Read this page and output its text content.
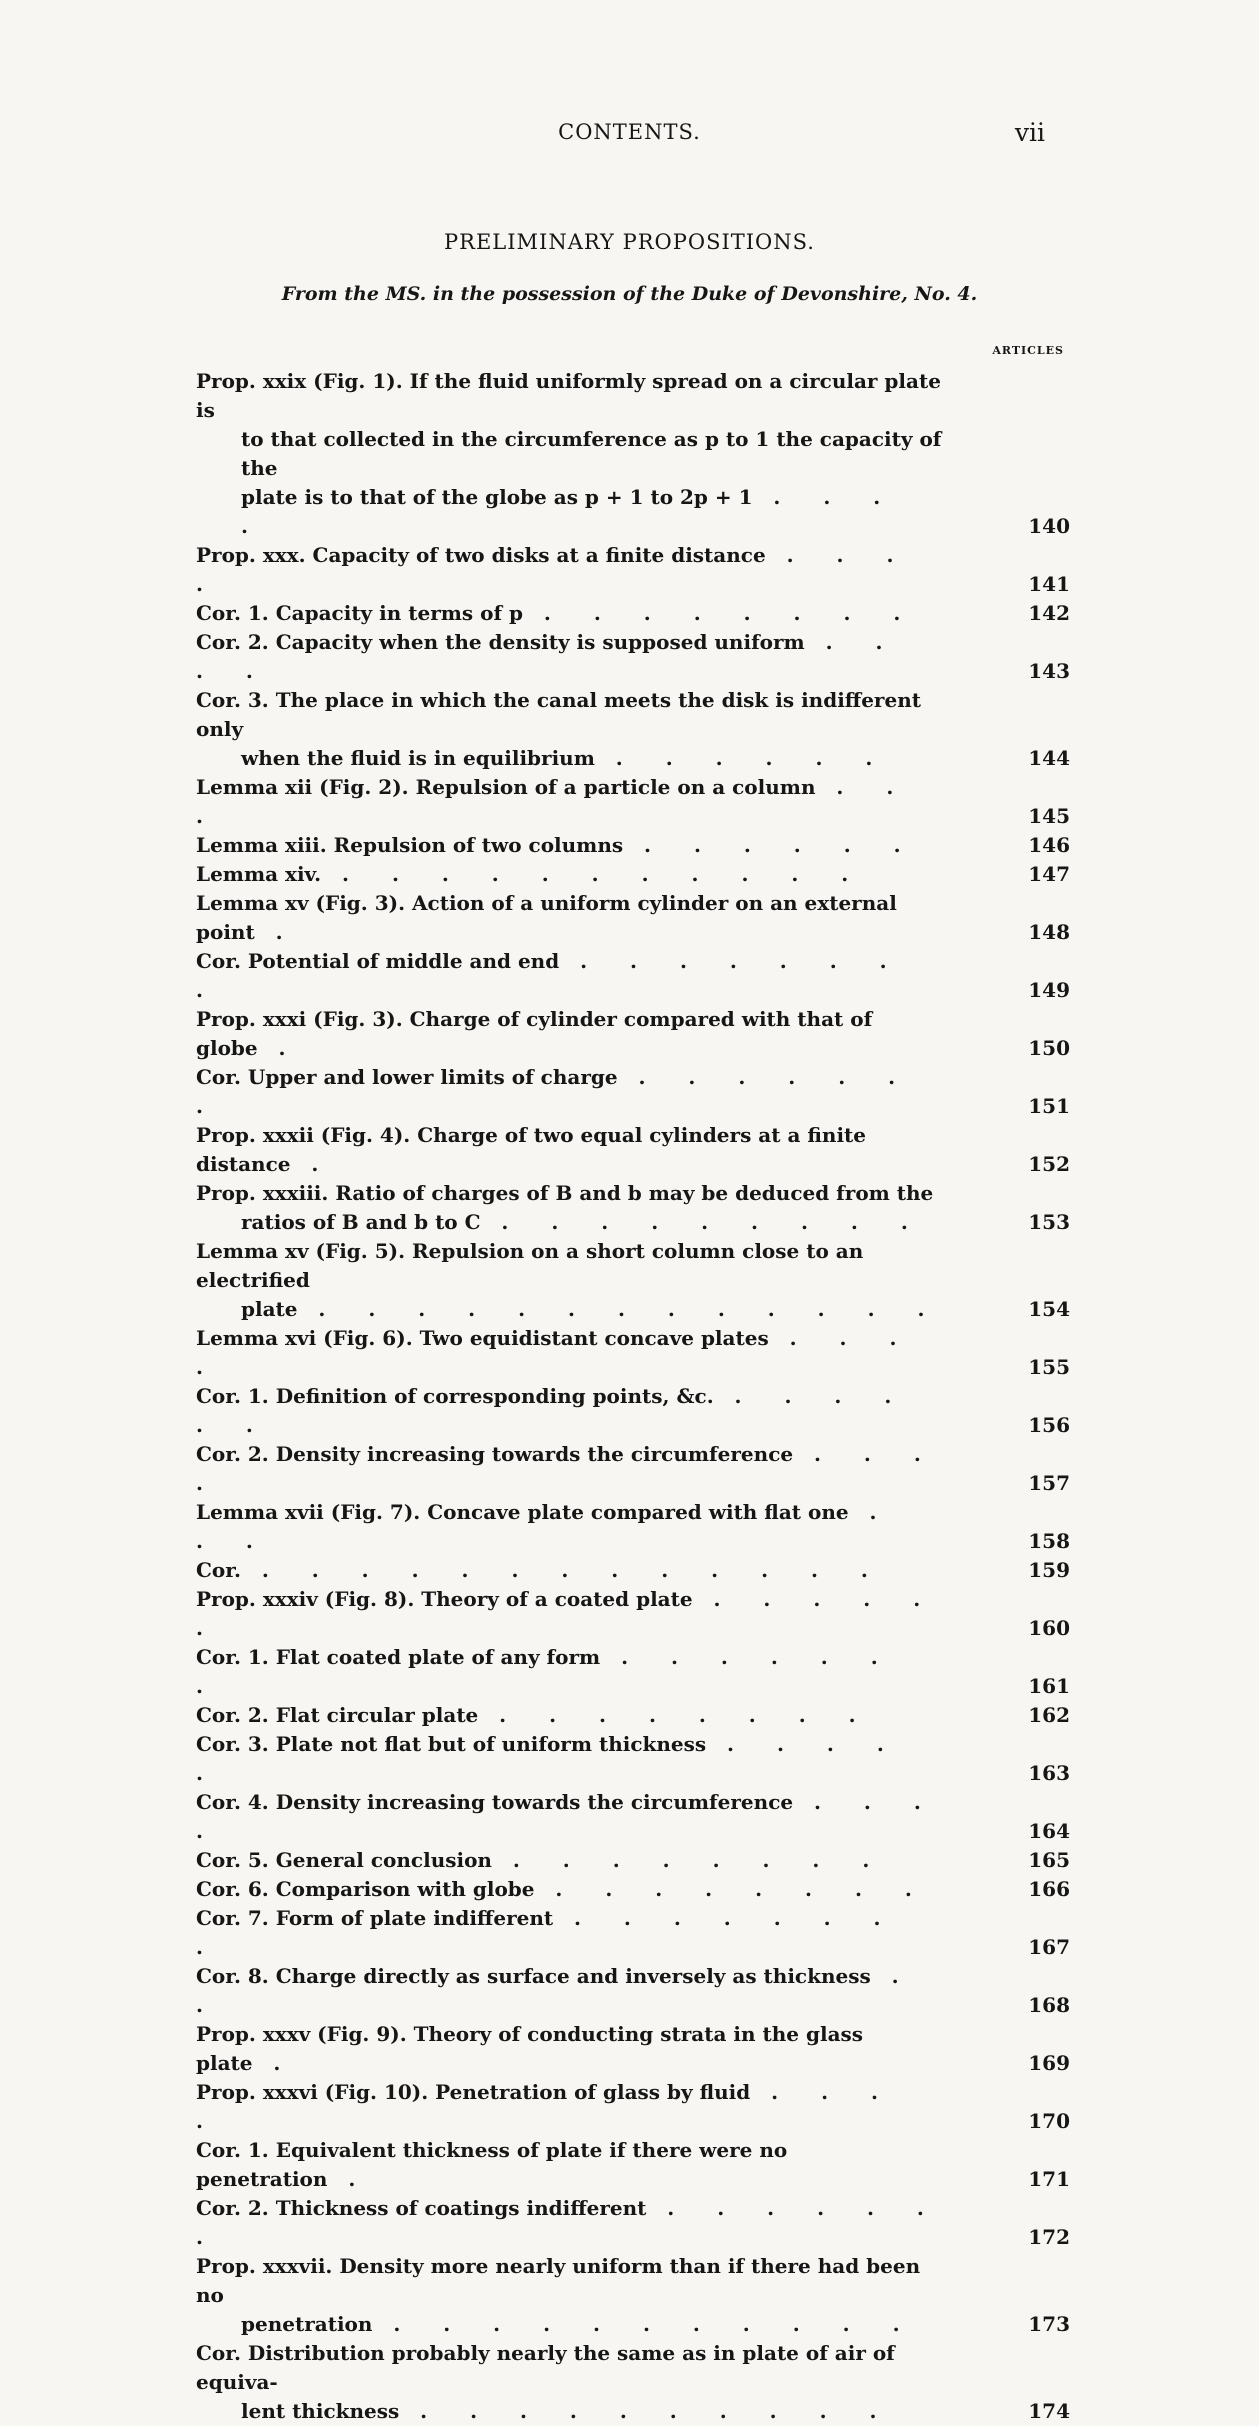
CONTENTS.	vii
PRELIMINARY PROPOSITIONS.
From the MS. in the possession of the Duke of Devonshire, No. 4.
ARTICLES
Prop. xxix (Fig. 1). If the fluid uniformly spread on a circular plate is
to that collected in the circumference as p to 1 the capacity of the
plate is to that of the globe as p + 1 to 2p + 1 . . . .	140
Prop. xxx. Capacity of two disks at a finite distance . . . .	141
Cor. 1. Capacity in terms of p . . . . . . . .	142
Cor. 2. Capacity when the density is supposed uniform . . . .	143
Cor. 3. The place in which the canal meets the disk is indifferent only
when the fluid is in equilibrium . . . . . .	144
Lemma xii (Fig. 2). Repulsion of a particle on a column . . .	145
Lemma xiii. Repulsion of two columns . . . . . .	146
Lemma xiv. . . . . . . . . . . .	147
Lemma xv (Fig. 3). Action of a uniform cylinder on an external point .	148
Cor. Potential of middle and end . . . . . . . .	149
Prop. xxxi (Fig. 3). Charge of cylinder compared with that of globe .	150
Cor. Upper and lower limits of charge . . . . . . .	151
Prop. xxxii (Fig. 4). Charge of two equal cylinders at a finite distance .	152
Prop. xxxiii. Ratio of charges of B and b may be deduced from the
ratios of B and b to C . . . . . . . . .	153
Lemma xv (Fig. 5). Repulsion on a short column close to an electrified
plate . . . . . . . . . . . . .	154
Lemma xvi (Fig. 6). Two equidistant concave plates . . . .	155
Cor. 1. Definition of corresponding points, &c. . . . . . .	156
Cor. 2. Density increasing towards the circumference . . . .	157
Lemma xvii (Fig. 7). Concave plate compared with flat one . . .	158
Cor. . . . . . . . . . . . . .	159
Prop. xxxiv (Fig. 8). Theory of a coated plate . . . . . .	160
Cor. 1. Flat coated plate of any form . . . . . . .	161
Cor. 2. Flat circular plate . . . . . . . .	162
Cor. 3. Plate not flat but of uniform thickness . . . . .	163
Cor. 4. Density increasing towards the circumference . . . .	164
Cor. 5. General conclusion . . . . . . . .	165
Cor. 6. Comparison with globe . . . . . . . .	166
Cor. 7. Form of plate indifferent . . . . . . . .	167
Cor. 8. Charge directly as surface and inversely as thickness . .	168
Prop. xxxv (Fig. 9). Theory of conducting strata in the glass plate .	169
Prop. xxxvi (Fig. 10). Penetration of glass by fluid . . . .	170
Cor. 1. Equivalent thickness of plate if there were no penetration .	171
Cor. 2. Thickness of coatings indifferent . . . . . . .	172
Prop. xxxvii. Density more nearly uniform than if there had been no
penetration . . . . . . . . . . .	173
Cor. Distribution probably nearly the same as in plate of air of equiva-
lent thickness . . . . . . . . . .	174
